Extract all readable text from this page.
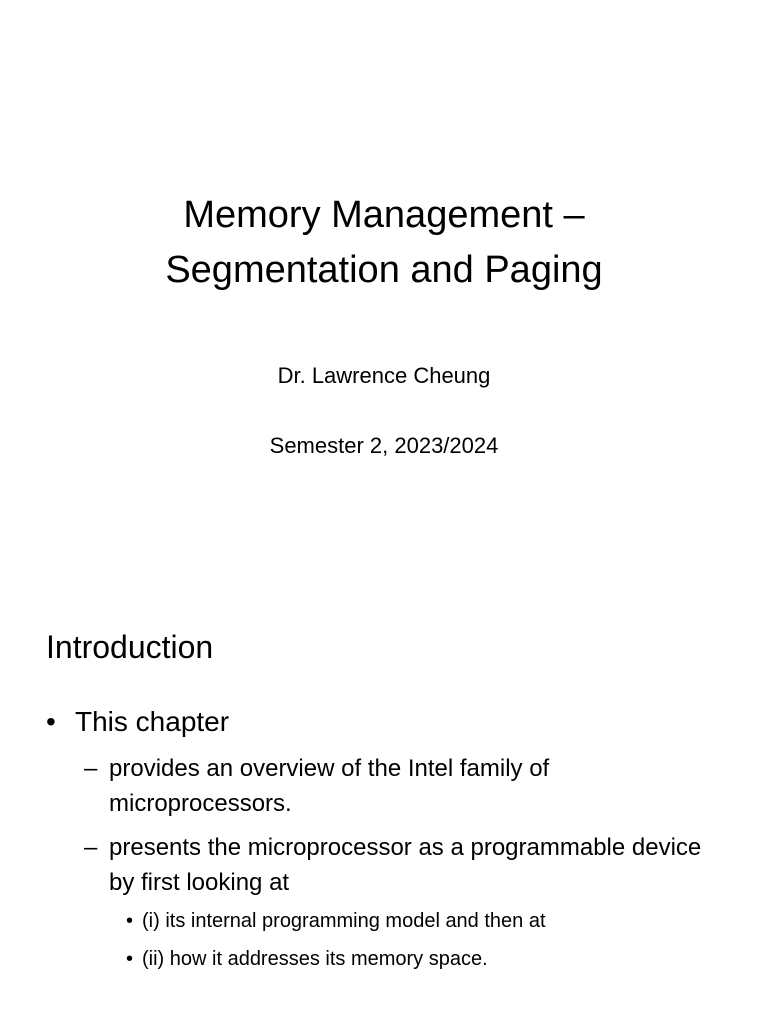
Memory Management –
Segmentation and Paging
Dr. Lawrence Cheung
Semester 2, 2023/2024
Introduction
• This chapter
– provides an overview of the Intel family of microprocessors.
– presents the microprocessor as a programmable device by first looking at
• (i) its internal programming model and then at
• (ii) how it addresses its memory space.
